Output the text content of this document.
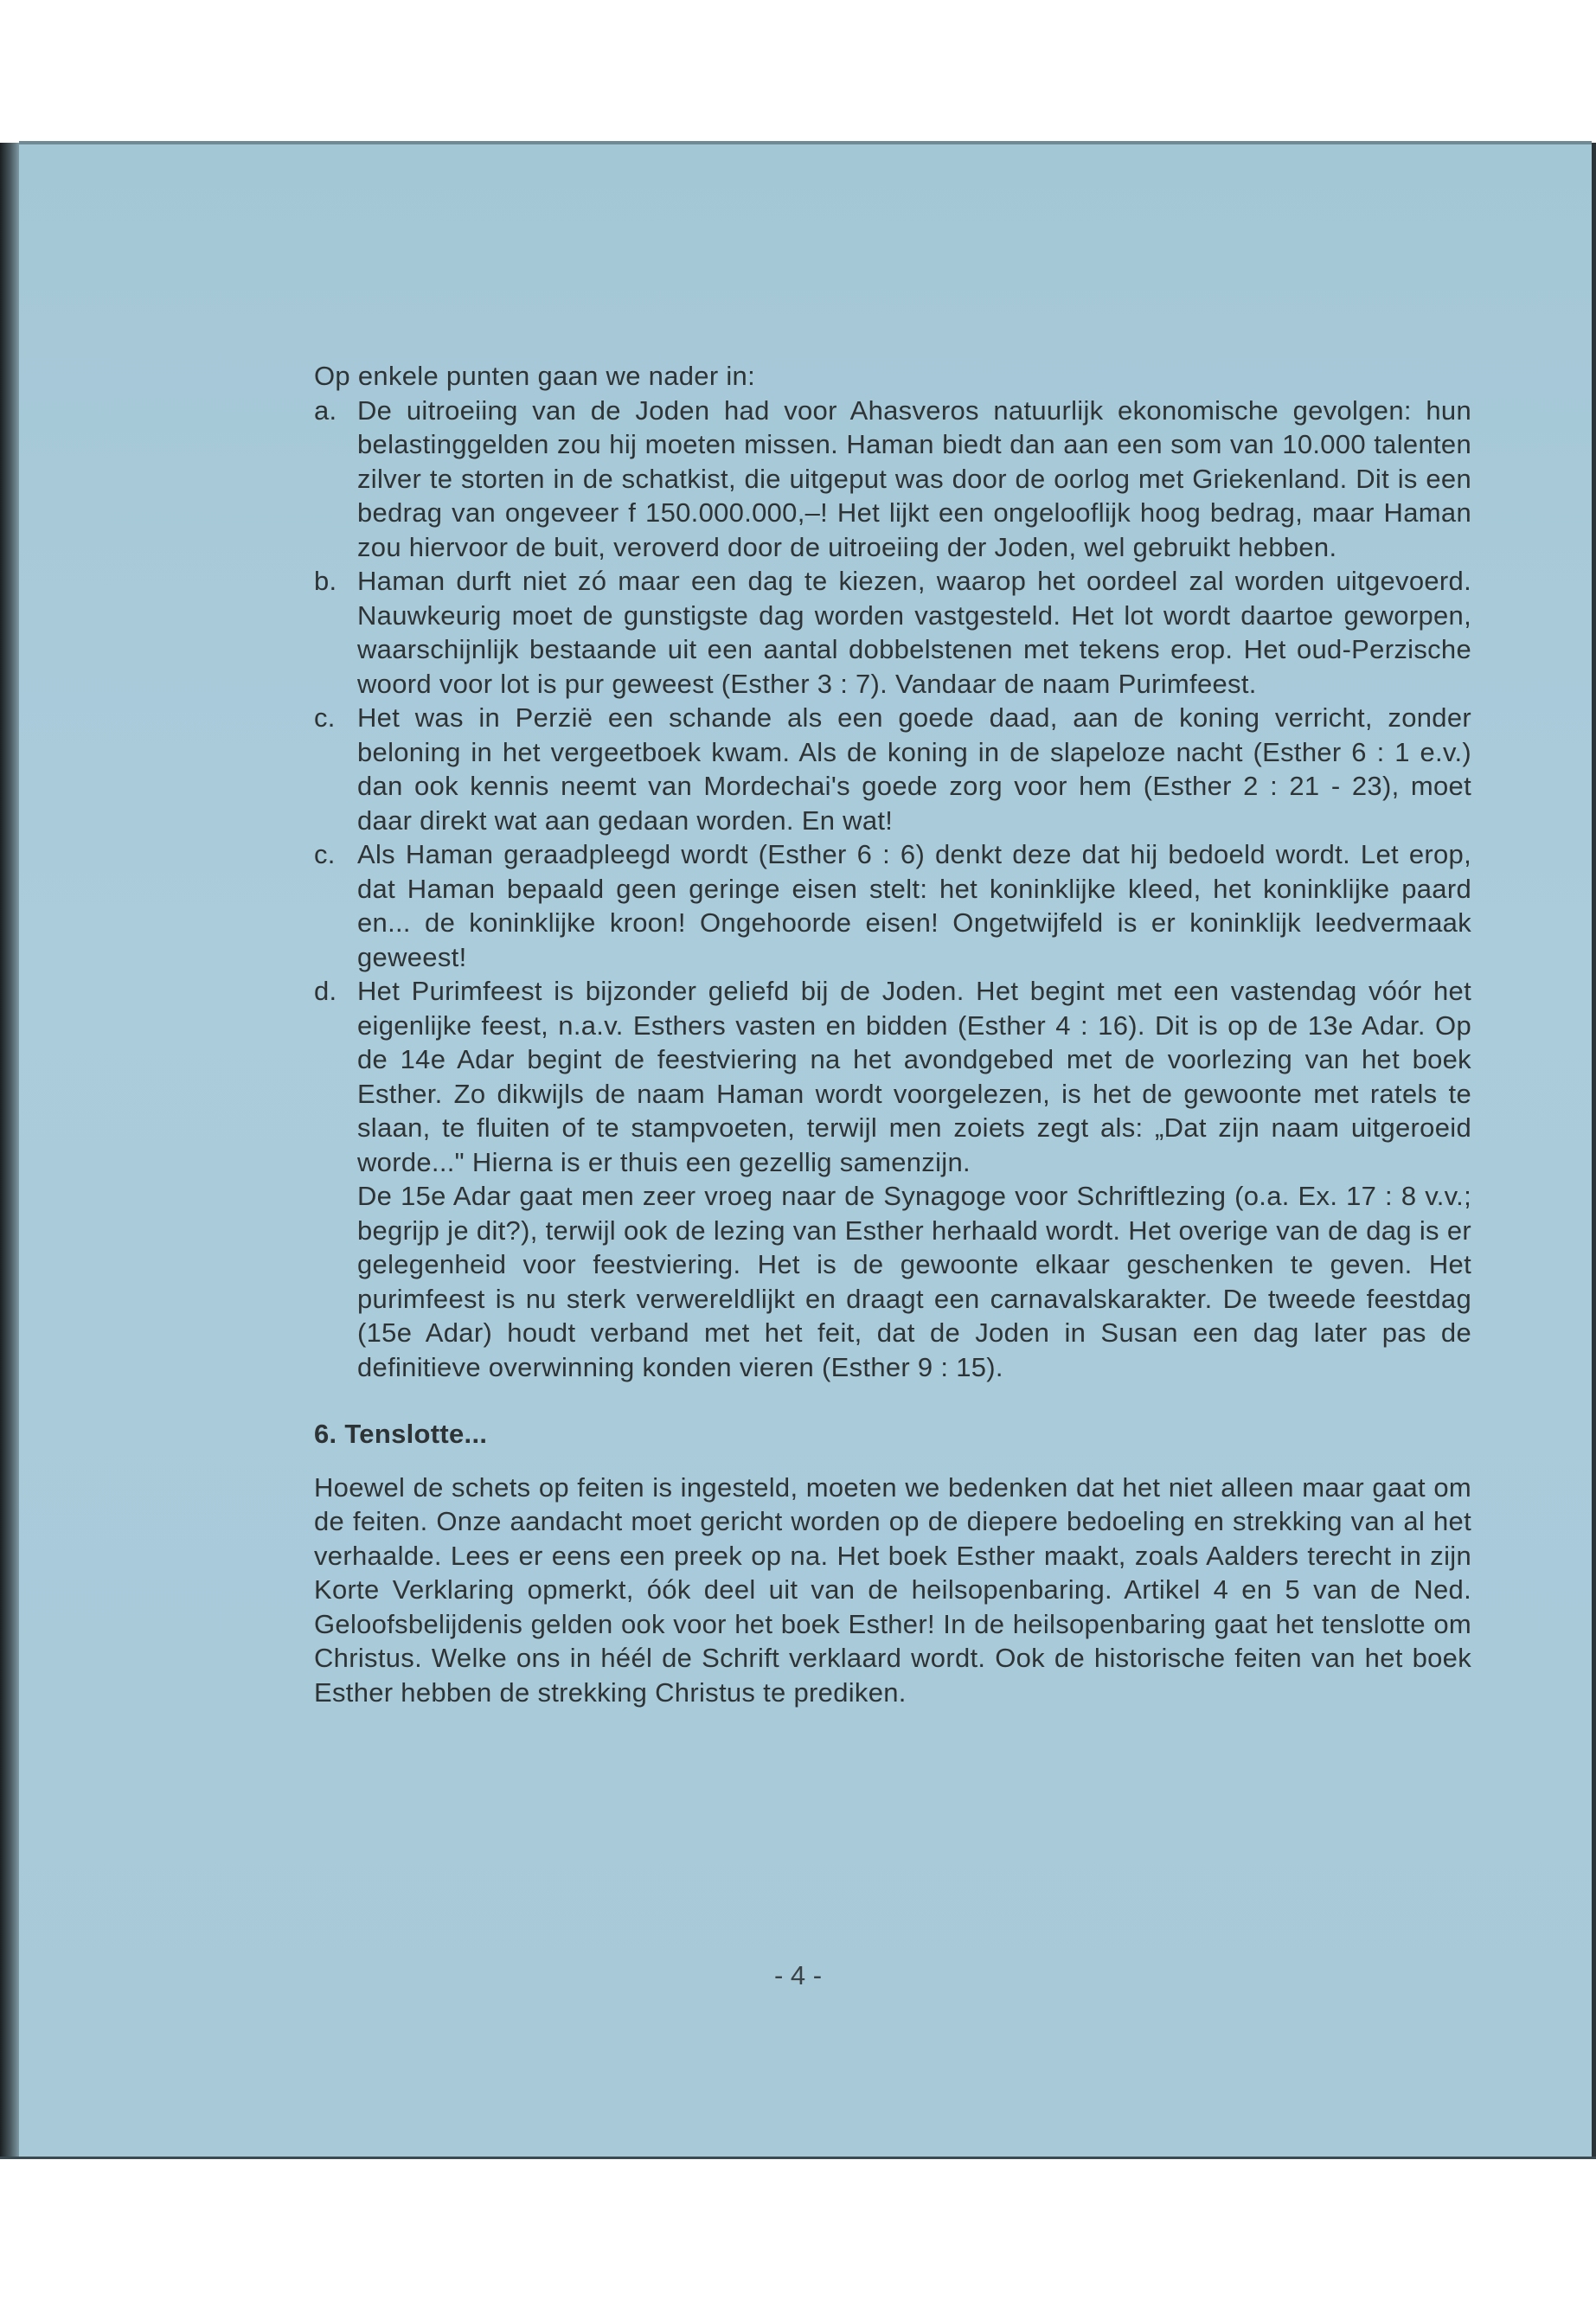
Op enkele punten gaan we nader in:

a. De uitroeiing van de Joden had voor Ahasveros natuurlijk ekonomische gevolgen: hun belastinggelden zou hij moeten missen. Haman biedt dan aan een som van 10.000 talenten zilver te storten in de schatkist, die uitgeput was door de oorlog met Griekenland. Dit is een bedrag van ongeveer f 150.000.000,–! Het lijkt een ongelooflijk hoog bedrag, maar Haman zou hiervoor de buit, veroverd door de uitroeiing der Joden, wel gebruikt hebben.

b. Haman durft niet zó maar een dag te kiezen, waarop het oordeel zal worden uitgevoerd. Nauwkeurig moet de gunstigste dag worden vastgesteld. Het lot wordt daartoe geworpen, waarschijnlijk bestaande uit een aantal dobbelstenen met tekens erop. Het oud-Perzische woord voor lot is pur geweest (Esther 3 : 7). Vandaar de naam Purimfeest.

c. Het was in Perzië een schande als een goede daad, aan de koning verricht, zonder beloning in het vergeetboek kwam. Als de koning in de slapeloze nacht (Esther 6 : 1 e.v.) dan ook kennis neemt van Mordechai's goede zorg voor hem (Esther 2 : 21 - 23), moet daar direkt wat aan gedaan worden. En wat!

c. Als Haman geraadpleegd wordt (Esther 6 : 6) denkt deze dat hij bedoeld wordt. Let erop, dat Haman bepaald geen geringe eisen stelt: het koninklijke kleed, het koninklijke paard en... de koninklijke kroon! Ongehoorde eisen! Ongetwijfeld is er koninklijk leedvermaak geweest!

d. Het Purimfeest is bijzonder geliefd bij de Joden. Het begint met een vastendag vóór het eigenlijke feest, n.a.v. Esthers vasten en bidden (Esther 4 : 16). Dit is op de 13e Adar. Op de 14e Adar begint de feestviering na het avondgebed met de voorlezing van het boek Esther. Zo dikwijls de naam Haman wordt voorgelezen, is het de gewoonte met ratels te slaan, te fluiten of te stampvoeten, terwijl men zoiets zegt als: „Dat zijn naam uitgeroeid worde..." Hierna is er thuis een gezellig samenzijn.

De 15e Adar gaat men zeer vroeg naar de Synagoge voor Schriftlezing (o.a. Ex. 17 : 8 v.v.; begrijp je dit?), terwijl ook de lezing van Esther herhaald wordt. Het overige van de dag is er gelegenheid voor feestviering. Het is de gewoonte elkaar geschenken te geven. Het purimfeest is nu sterk verwereldlijkt en draagt een carnavalskarakter. De tweede feestdag (15e Adar) houdt verband met het feit, dat de Joden in Susan een dag later pas de definitieve overwinning konden vieren (Esther 9 : 15).

6. Tenslotte...

Hoewel de schets op feiten is ingesteld, moeten we bedenken dat het niet alleen maar gaat om de feiten. Onze aandacht moet gericht worden op de diepere bedoeling en strekking van al het verhaalde. Lees er eens een preek op na. Het boek Esther maakt, zoals Aalders terecht in zijn Korte Verklaring opmerkt, óók deel uit van de heilsopenbaring. Artikel 4 en 5 van de Ned. Geloofsbelijdenis gelden ook voor het boek Esther! In de heilsopenbaring gaat het tenslotte om Christus. Welke ons in héél de Schrift verklaard wordt. Ook de historische feiten van het boek Esther hebben de strekking Christus te prediken.

- 4 -
